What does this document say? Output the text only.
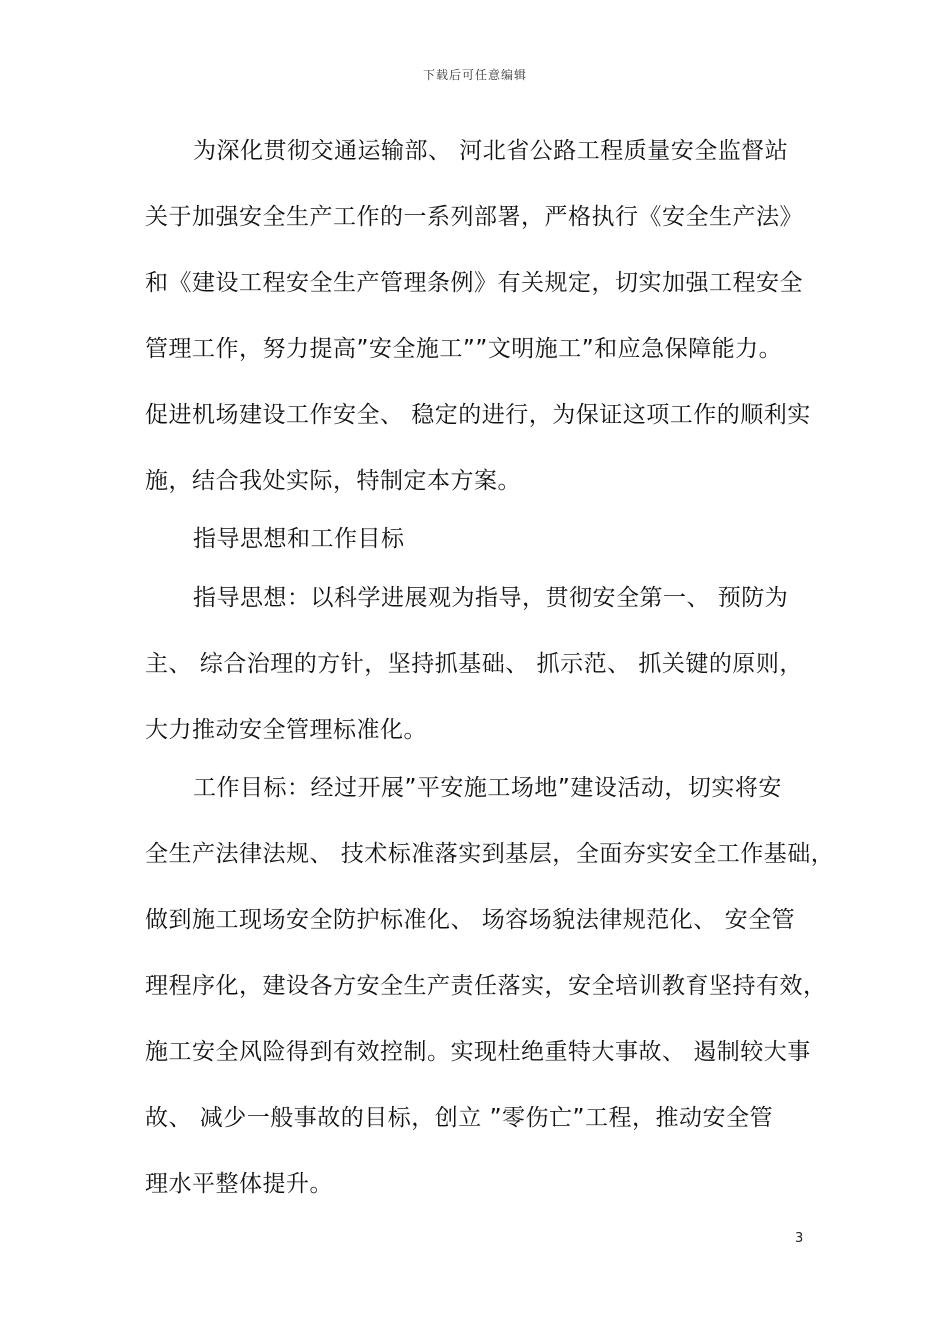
下载后可任意编辑
为深化贯彻交通运输部、 河北省公路工程质量安全监督站
关于加强安全生产工作的一系列部署，严格执行《安全生产法》
和《建设工程安全生产管理条例》有关规定，切实加强工程安全
管理工作，努力提高”安全施工””文明施工”和应急保障能力。
促进机场建设工作安全、 稳定的进行，为保证这项工作的顺利实
施，结合我处实际，特制定本方案。
指导思想和工作目标
指导思想：以科学进展观为指导，贯彻安全第一、 预防为
主、 综合治理的方针，坚持抓基础、 抓示范、 抓关键的原则，
大力推动安全管理标准化。
工作目标：经过开展”平安施工场地”建设活动，切实将安
全生产法律法规、 技术标准落实到基层，全面夯实安全工作基础，
做到施工现场安全防护标准化、 场容场貌法律规范化、 安全管
理程序化，建设各方安全生产责任落实，安全培训教育坚持有效，
施工安全风险得到有效控制。实现杜绝重特大事故、 遏制较大事
故、 减少一般事故的目标，创立 ”零伤亡”工程，推动安全管
理水平整体提升。
3
